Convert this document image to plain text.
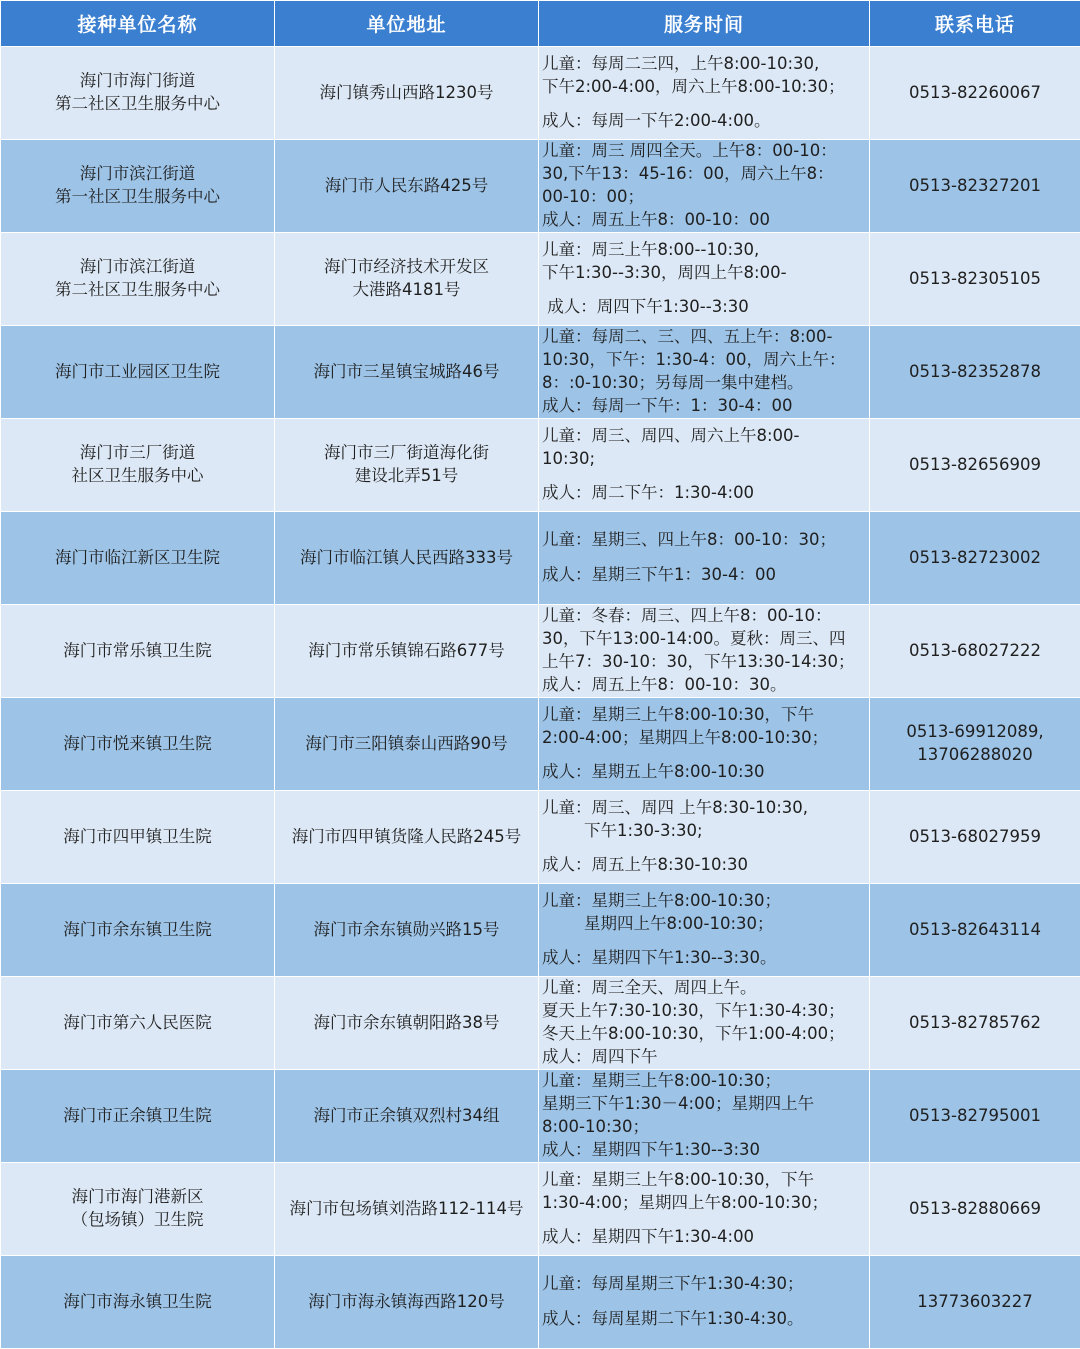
接种单位名称	单位地址	服务时间	联系电话

海门市海门街道
第二社区卫生服务中心	海门镇秀山西路1230号	儿童：每周二三四，上午8:00-10:30,
下午2:00-4:00，周六上午8:00-10:30；
成人：每周一下午2:00-4:00。	0513-82260067

海门市滨江街道
第一社区卫生服务中心	海门市人民东路425号	儿童：周三 周四全天。上午8：00-10：
30,下午13：45-16：00，周六上午8：
00-10：00；
成人：周五上午8：00-10：00	0513-82327201

海门市滨江街道
第二社区卫生服务中心	海门市经济技术开发区
大港路4181号	儿童：周三上午8:00--10:30,
下午1:30--3:30，周四上午8:00-
成人：周四下午1:30--3:30	0513-82305105

海门市工业园区卫生院	海门市三星镇宝城路46号	儿童：每周二、三、四、五上午：8:00-
10:30，下午：1:30-4：00，周六上午：
8：:0-10:30；另每周一集中建档。
成人：每周一下午：1：30-4：00	0513-82352878

海门市三厂街道
社区卫生服务中心	海门市三厂街道海化街
建设北弄51号	儿童：周三、周四、周六上午8:00-
10:30;
成人：周二下午：1:30-4:00	0513-82656909

海门市临江新区卫生院	海门市临江镇人民西路333号	儿童：星期三、四上午8：00-10：30；
成人：星期三下午1：30-4：00	0513-82723002

海门市常乐镇卫生院	海门市常乐镇锦石路677号	儿童：冬春：周三、四上午8：00-10：
30，下午13:00-14:00。夏秋：周三、四
上午7：30-10：30，下午13:30-14:30；
成人：周五上午8：00-10：30。	0513-68027222

海门市悦来镇卫生院	海门市三阳镇泰山西路90号	儿童：星期三上午8:00-10:30，下午
2:00-4:00；星期四上午8:00-10:30；
成人：星期五上午8:00-10:30	0513-69912089,
13706288020

海门市四甲镇卫生院	海门市四甲镇货隆人民路245号	儿童：周三、周四 上午8:30-10:30,
下午1:30-3:30;
成人：周五上午8:30-10:30	0513-68027959

海门市余东镇卫生院	海门市余东镇勋兴路15号	儿童：星期三上午8:00-10:30；
星期四上午8:00-10:30；
成人：星期四下午1:30--3:30。	0513-82643114

海门市第六人民医院	海门市余东镇朝阳路38号	儿童：周三全天、周四上午。
夏天上午7:30-10:30，下午1:30-4:30；
冬天上午8:00-10:30，下午1:00-4:00；
成人：周四下午	0513-82785762

海门市正余镇卫生院	海门市正余镇双烈村34组	儿童：星期三上午8:00-10:30；
星期三下午1:30－4:00；星期四上午
8:00-10:30；
成人：星期四下午1:30--3:30	0513-82795001

海门市海门港新区
（包场镇）卫生院	海门市包场镇刘浩路112-114号	儿童：星期三上午8:00-10:30，下午
1:30-4:00；星期四上午8:00-10:30；
成人：星期四下午1:30-4:00	0513-82880669

海门市海永镇卫生院	海门市海永镇海西路120号	儿童：每周星期三下午1:30-4:30；
成人：每周星期二下午1:30-4:30。	13773603227
